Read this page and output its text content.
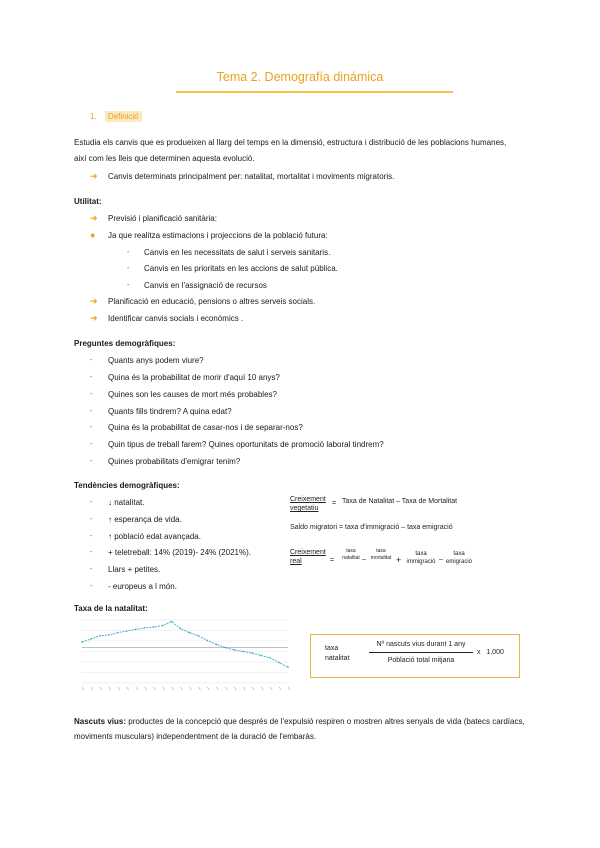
Tema 2. Demografía dinámica
1. Definició
Estudia els canvis que es produeixen al llarg del temps en la dimensió, estructura i distribució de les poblacions humanes,
així com les lleis que determinen aquesta evolució.
➔ Canvis determinats principalment per: natalitat, mortalitat i moviments migratoris.
Utilitat:
➔ Previsió i planificació sanitària:
● Ja que realitza estimacions i projeccions de la població futura:
- Canvis en les necessitats de salut i serveis sanitaris.
- Canvis en les prioritats en les accions de salut pública.
- Canvis en l'assignació de recursos
➔ Planificació en educació, pensions o altres serveis socials.
➔ Identificar canvis socials i econòmics .
Preguntes demogràfiques:
- Quants anys podem viure?
- Quina és la probabilitat de morir d'aquí 10 anys?
- Quines son les causes de mort més probables?
- Quants fills tindrem? A quina edat?
- Quina és la probabilitat de casar-nos i de separar-nos?
- Quin tipus de treball farem? Quines oportunitats de promoció laboral tindrem?
- Quines probabilitats d'emigrar tenim?
Tendències demogràfiques:
- ↓ natalitat.
- ↑ esperança de vida.
- ↑ població edat avançada.
- + teletreball: 14% (2019)- 24% (2021%).
- Llars + petites.
- - europeus a l món.
Creixement vegetatiu
= Taxa de Natalitat – Taxa de Mortalitat
Saldo migratori = taxa d'immigració – taxa emigració
Creixement real	=
taxa natalitat –
taxa mortalitat +
taxa immigració –
taxa emigració
Taxa de la natalitat:
taxa natalitat
Nº nascuts vius durant 1 any
Població total mitjana
x   1.000
Nascuts vius: productes de la concepció que després de l'expulsió respiren o mostren altres senyals de vida (batecs cardíacs,
moviments musculars) independentment de la duració de l'embaràs.
